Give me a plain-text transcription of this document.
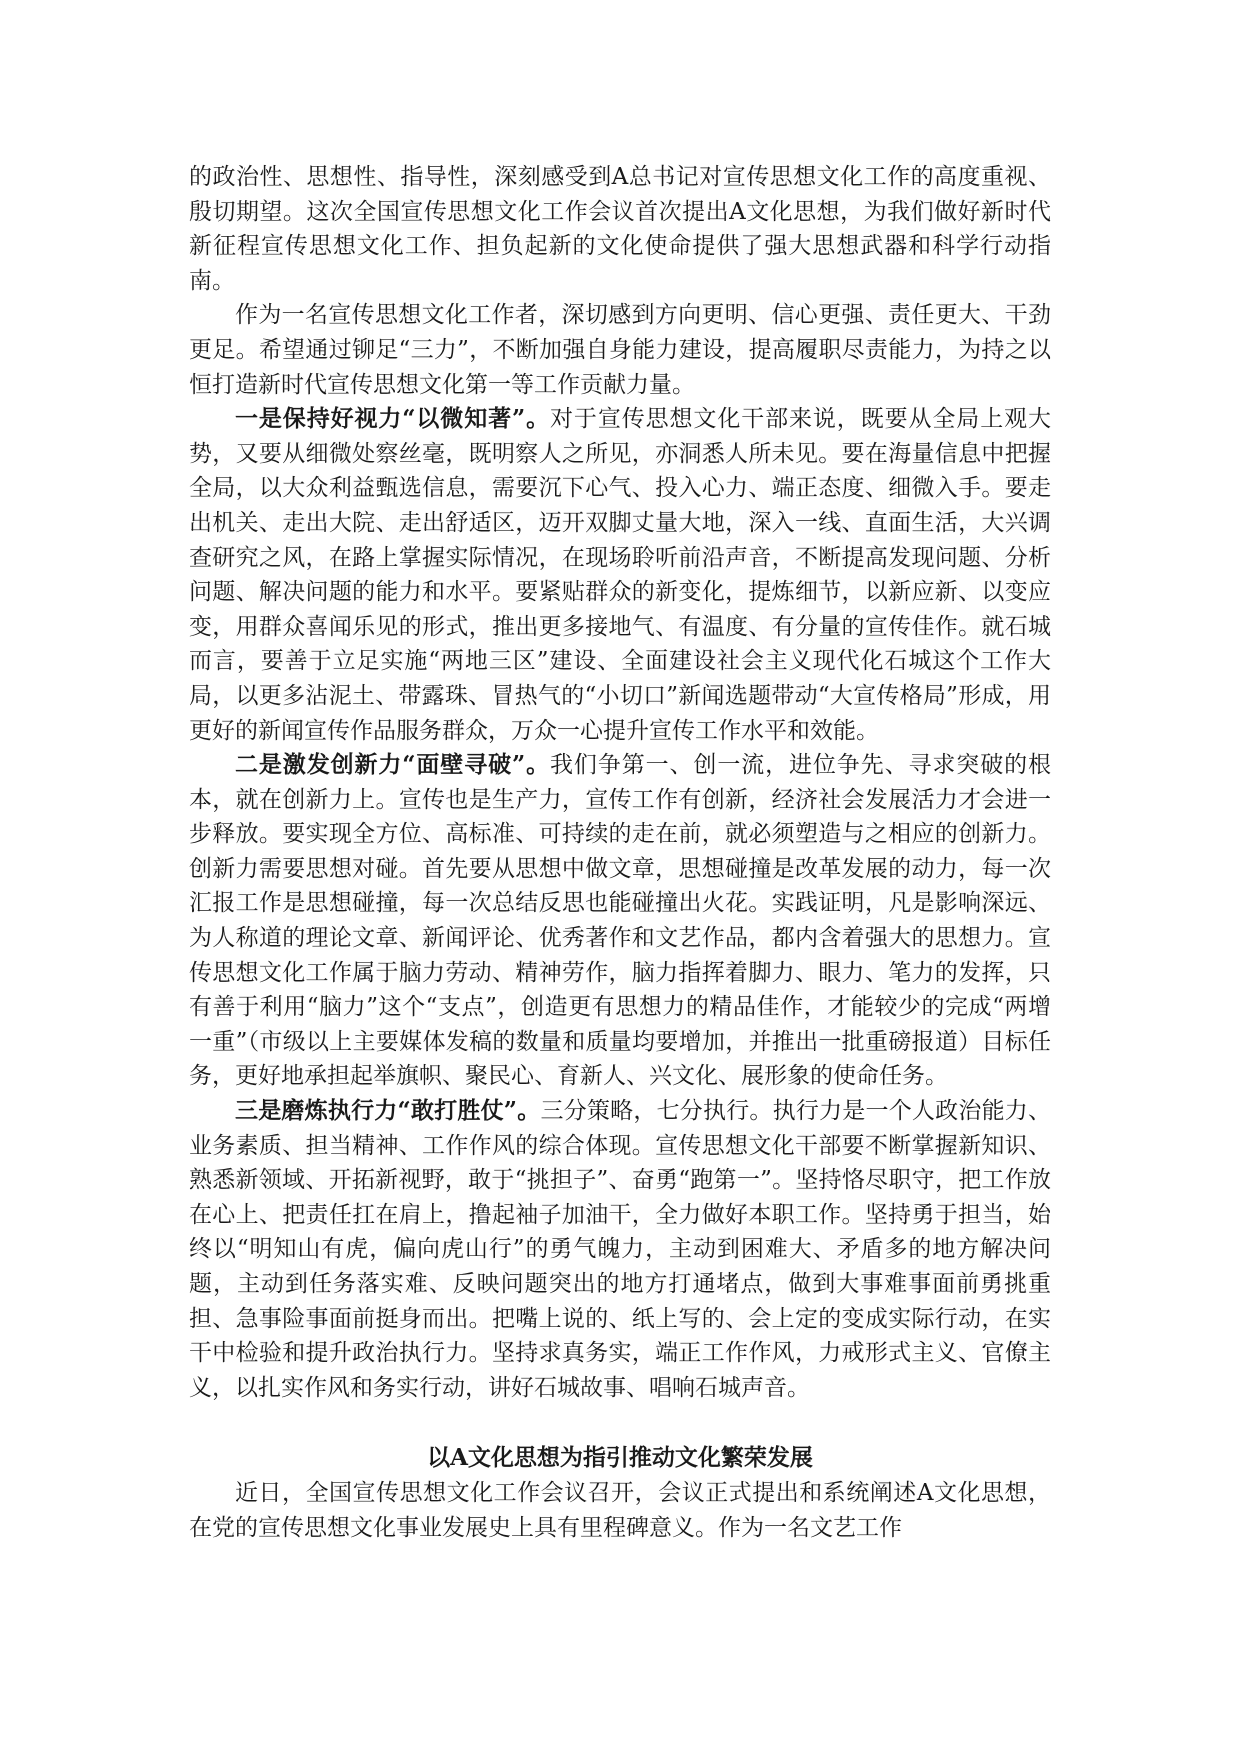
的政治性、思想性、指导性，深刻感受到A总书记对宣传思想文化工作的高度重视、殷切期望。这次全国宣传思想文化工作会议首次提出A文化思想，为我们做好新时代新征程宣传思想文化工作、担负起新的文化使命提供了强大思想武器和科学行动指南。

作为一名宣传思想文化工作者，深切感到方向更明、信心更强、责任更大、干劲更足。希望通过铆足“三力”，不断加强自身能力建设，提高履职尽责能力，为持之以恒打造新时代宣传思想文化第一等工作贡献力量。

一是保持好视力“以微知著”。对于宣传思想文化干部来说，既要从全局上观大势，又要从细微处察丝毫，既明察人之所见，亦洞悉人所未见。要在海量信息中把握全局，以大众利益甄选信息，需要沉下心气、投入心力、端正态度、细微入手。要走出机关、走出大院、走出舒适区，迈开双脚丈量大地，深入一线、直面生活，大兴调查研究之风，在路上掌握实际情况，在现场聆听前沿声音，不断提高发现问题、分析问题、解决问题的能力和水平。要紧贴群众的新变化，提炼细节，以新应新、以变应变，用群众喜闻乐见的形式，推出更多接地气、有温度、有分量的宣传佳作。就石城而言，要善于立足实施“两地三区”建设、全面建设社会主义现代化石城这个工作大局，以更多沾泥土、带露珠、冒热气的“小切口”新闻选题带动“大宣传格局”形成，用更好的新闻宣传作品服务群众，万众一心提升宣传工作水平和效能。

二是激发创新力“面壁寻破”。我们争第一、创一流，进位争先、寻求突破的根本，就在创新力上。宣传也是生产力，宣传工作有创新，经济社会发展活力才会进一步释放。要实现全方位、高标准、可持续的走在前，就必须塑造与之相应的创新力。创新力需要思想对碰。首先要从思想中做文章，思想碰撞是改革发展的动力，每一次汇报工作是思想碰撞，每一次总结反思也能碰撞出火花。实践证明，凡是影响深远、为人称道的理论文章、新闻评论、优秀著作和文艺作品，都内含着强大的思想力。宣传思想文化工作属于脑力劳动、精神劳作，脑力指挥着脚力、眼力、笔力的发挥，只有善于利用“脑力”这个“支点”，创造更有思想力的精品佳作，才能较少的完成“两增一重”（市级以上主要媒体发稿的数量和质量均要增加，并推出一批重磅报道）目标任务，更好地承担起举旗帜、聚民心、育新人、兴文化、展形象的使命任务。

三是磨炼执行力“敢打胜仗”。三分策略，七分执行。执行力是一个人政治能力、业务素质、担当精神、工作作风的综合体现。宣传思想文化干部要不断掌握新知识、熟悉新领域、开拓新视野，敢于“挑担子”、奋勇“跑第一”。坚持恪尽职守，把工作放在心上、把责任扛在肩上，撸起袖子加油干，全力做好本职工作。坚持勇于担当，始终以“明知山有虎，偏向虎山行”的勇气魄力，主动到困难大、矛盾多的地方解决问题，主动到任务落实难、反映问题突出的地方打通堵点，做到大事难事面前勇挑重担、急事险事面前挺身而出。把嘴上说的、纸上写的、会上定的变成实际行动，在实干中检验和提升政治执行力。坚持求真务实，端正工作作风，力戒形式主义、官僚主义，以扎实作风和务实行动，讲好石城故事、唱响石城声音。

以A文化思想为指引推动文化繁荣发展

近日，全国宣传思想文化工作会议召开，会议正式提出和系统阐述A文化思想，在党的宣传思想文化事业发展史上具有里程碑意义。作为一名文艺工作
